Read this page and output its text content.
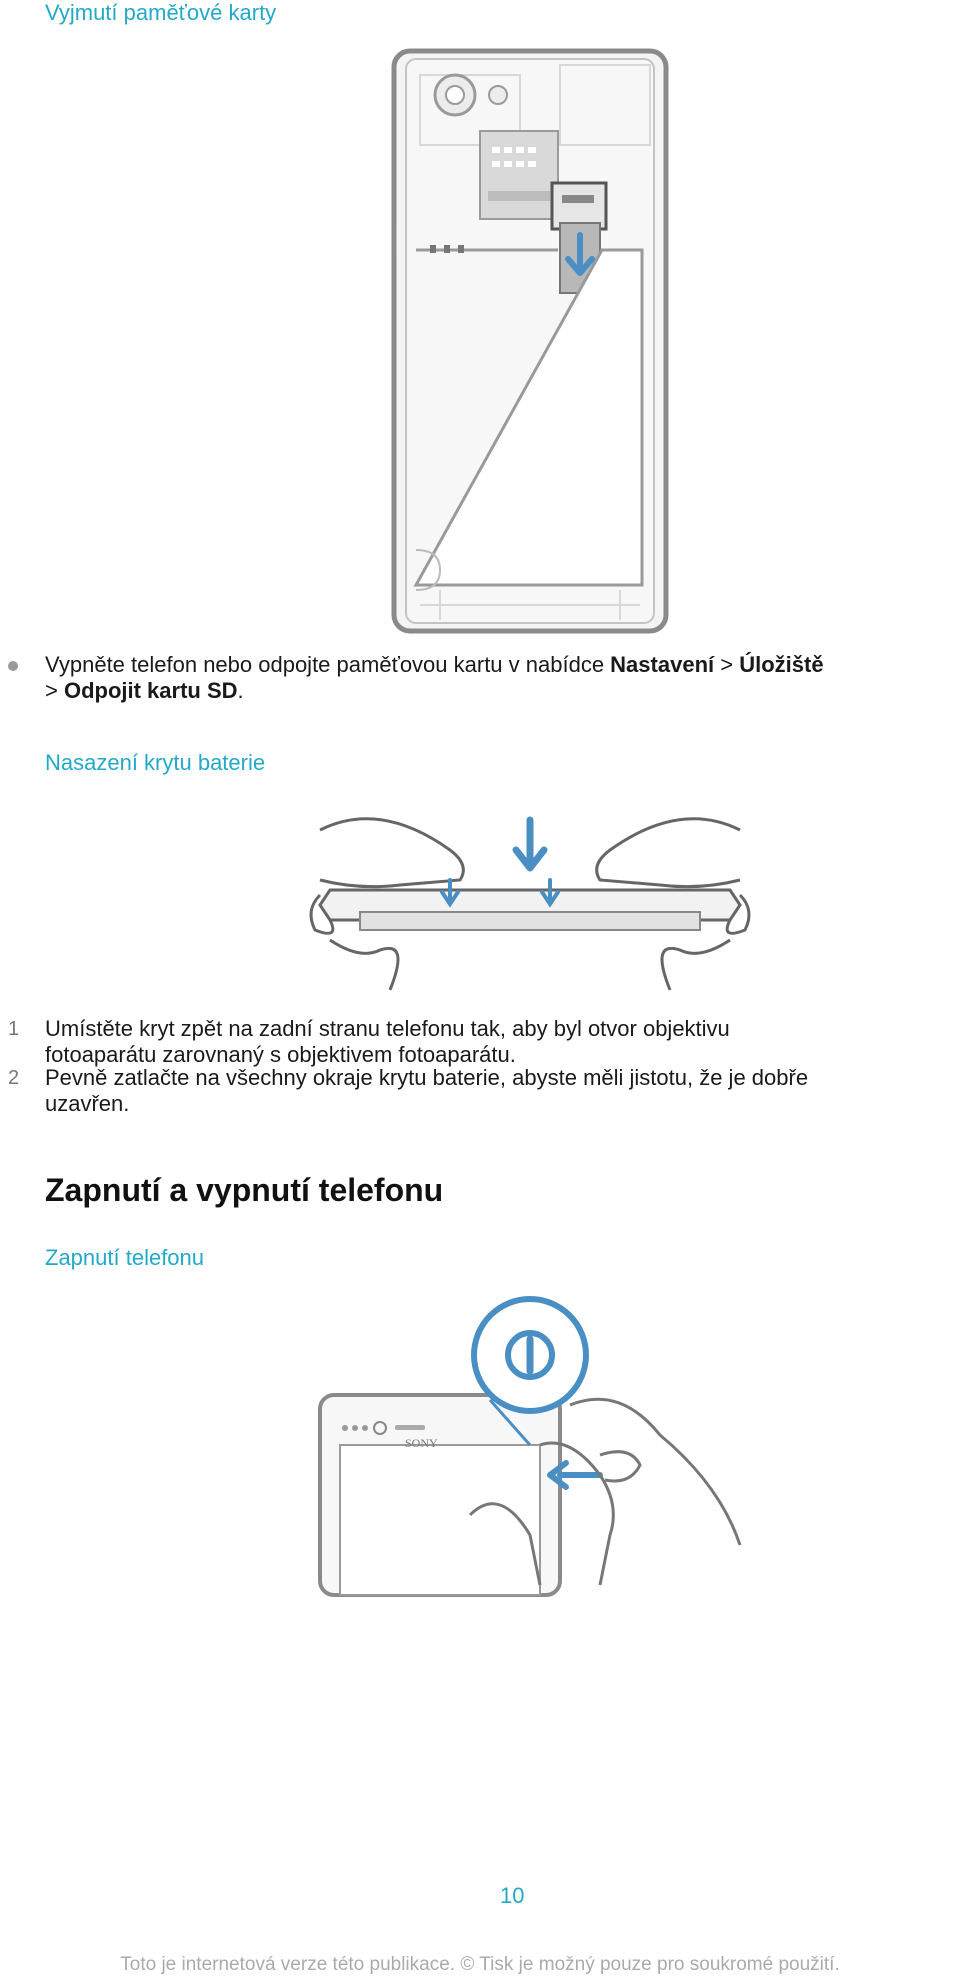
Vyjmutí paměťové karty
Vypněte telefon nebo odpojte paměťovou kartu v nabídce Nastavení > Úložiště
> Odpojit kartu SD.
Nasazení krytu baterie
1 Umístěte kryt zpět na zadní stranu telefonu tak, aby byl otvor objektivu
fotoaparátu zarovnaný s objektivem fotoaparátu.
2 Pevně zatlačte na všechny okraje krytu baterie, abyste měli jistotu, že je dobře
uzavřen.
Zapnutí a vypnutí telefonu
Zapnutí telefonu
SONY
10
Toto je internetová verze této publikace. © Tisk je možný pouze pro soukromé použití.
